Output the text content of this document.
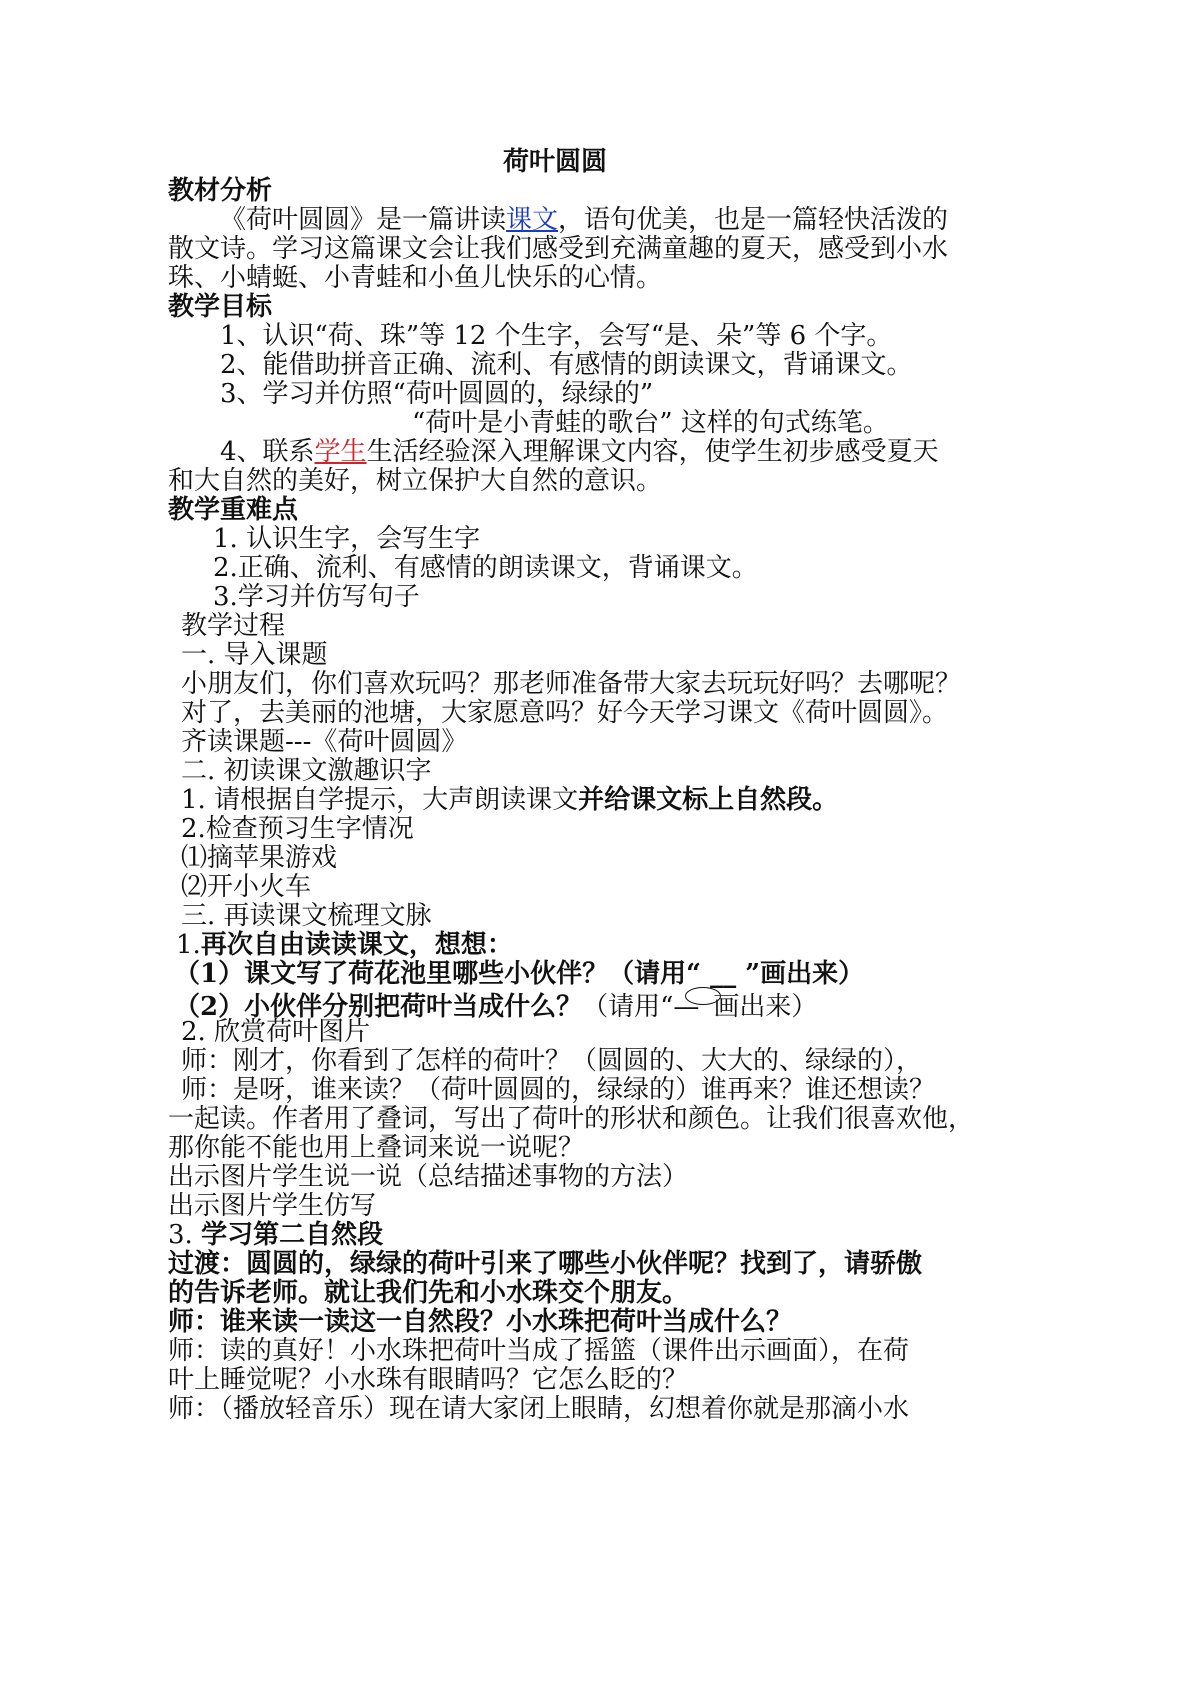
荷叶圆圆
教材分析
《荷叶圆圆》是一篇讲读课文，语句优美，也是一篇轻快活泼的
散文诗。学习这篇课文会让我们感受到充满童趣的夏天，感受到小水
珠、小蜻蜓、小青蛙和小鱼儿快乐的心情。
教学目标
1、认识“荷、珠”等 12 个生字，会写“是、朵”等 6 个字。
2、能借助拼音正确、流利、有感情的朗读课文，背诵课文。
3、学习并仿照“荷叶圆圆的，绿绿的”
“荷叶是小青蛙的歌台” 这样的句式练笔。
4、联系学生生活经验深入理解课文内容，使学生初步感受夏天
和大自然的美好，树立保护大自然的意识。
教学重难点
1. 认识生字，会写生字
2.正确、流利、有感情的朗读课文，背诵课文。
3.学习并仿写句子
教学过程
一. 导入课题
小朋友们，你们喜欢玩吗？那老师准备带大家去玩玩好吗？去哪呢？
对了，去美丽的池塘，大家愿意吗？好今天学习课文《荷叶圆圆》。
齐读课题---《荷叶圆圆》
二. 初读课文激趣识字
1. 请根据自学提示，大声朗读课文并给课文标上自然段。
2.检查预习生字情况
⑴摘苹果游戏
⑵开小火车
三. 再读课文梳理文脉
1.再次自由读读课文，想想：
（1）课文写了荷花池里哪些小伙伴？（请用“ __ ”画出来）
（2）小伙伴分别把荷叶当成什么？（请用“— 画出来）
2. 欣赏荷叶图片
师：刚才，你看到了怎样的荷叶？（圆圆的、大大的、绿绿的），
师：是呀，谁来读？（荷叶圆圆的，绿绿的）谁再来？谁还想读？
一起读。作者用了叠词，写出了荷叶的形状和颜色。让我们很喜欢他，
那你能不能也用上叠词来说一说呢？
出示图片学生说一说（总结描述事物的方法）
出示图片学生仿写
3. 学习第二自然段
过渡：圆圆的，绿绿的荷叶引来了哪些小伙伴呢？找到了，请骄傲
的告诉老师。就让我们先和小水珠交个朋友。
师：谁来读一读这一自然段？小水珠把荷叶当成什么？
师：读的真好！小水珠把荷叶当成了摇篮（课件出示画面），在荷
叶上睡觉呢？小水珠有眼睛吗？它怎么眨的？
师：（播放轻音乐）现在请大家闭上眼睛，幻想着你就是那滴小水
